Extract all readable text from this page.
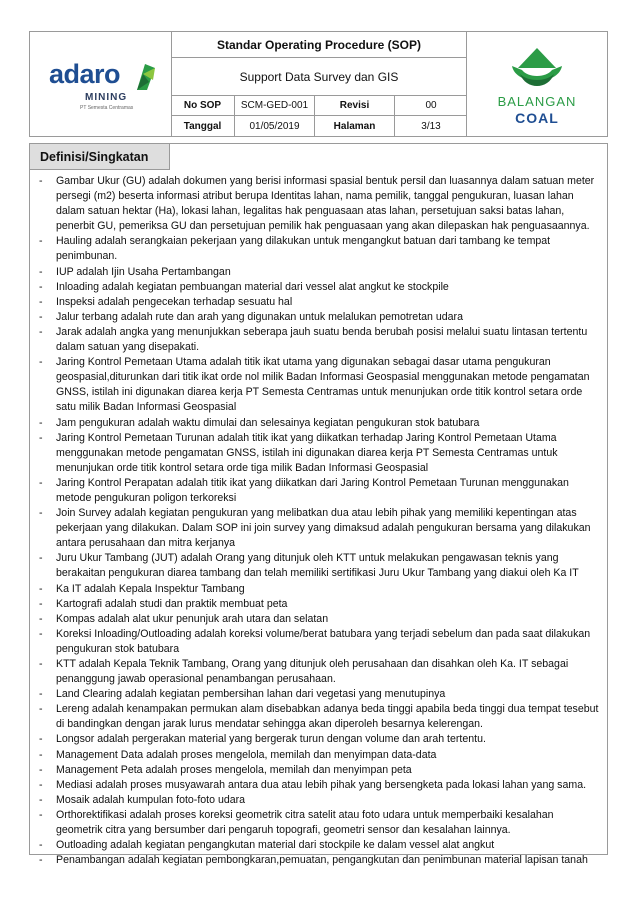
adaro
MINING
PT Semesta Centramas
Standar Operating Procedure (SOP)
Support Data Survey dan GIS
No SOP	SCM-GED-001	Revisi	00
Tanggal	01/05/2019	Halaman	3/13
BALANGAN
COAL
Definisi/Singkatan
- Gambar Ukur (GU) adalah dokumen yang berisi informasi spasial bentuk persil dan luasannya dalam satuan meter persegi (m2) beserta informasi atribut berupa Identitas lahan, nama pemilik, tanggal pengukuran, luasan lahan dalam satuan hektar (Ha), lokasi lahan, legalitas hak penguasaan atas lahan, persetujuan saksi batas lahan, penerbit GU, pemeriksa GU dan persetujuan pemilik hak penguasaan yang akan dilepaskan hak penguasaannya.
- Hauling adalah serangkaian pekerjaan yang dilakukan untuk mengangkut batuan dari tambang ke tempat penimbunan.
- IUP adalah Ijin Usaha Pertambangan
- Inloading adalah kegiatan pembuangan material dari vessel alat angkut ke stockpile
- Inspeksi adalah pengecekan terhadap sesuatu hal
- Jalur terbang adalah rute dan arah yang digunakan untuk melalukan pemotretan udara
- Jarak adalah angka yang menunjukkan seberapa jauh suatu benda berubah posisi melalui suatu lintasan tertentu dalam satuan yang disepakati.
- Jaring Kontrol Pemetaan Utama adalah titik ikat utama yang digunakan sebagai dasar utama pengukuran geospasial,diturunkan dari titik ikat orde nol milik Badan Informasi Geospasial menggunakan metode pengamatan GNSS, istilah ini digunakan diarea kerja PT Semesta Centramas untuk menunjukan orde titik kontrol setara orde satu milik Badan Informasi Geospasial
- Jam pengukuran adalah waktu dimulai dan selesainya kegiatan pengukuran stok batubara
- Jaring Kontrol Pemetaan Turunan adalah titik ikat yang diikatkan terhadap Jaring Kontrol Pemetaan Utama menggunakan metode pengamatan GNSS, istilah ini digunakan diarea kerja PT Semesta Centramas untuk menunjukan orde titik kontrol setara orde tiga milik Badan Informasi Geospasial
- Jaring Kontrol Perapatan adalah titik ikat yang diikatkan dari Jaring Kontrol Pemetaan Turunan menggunakan metode pengukuran poligon terkoreksi
- Join Survey adalah kegiatan pengukuran yang melibatkan dua atau lebih pihak yang memiliki kepentingan atas pekerjaan yang dilakukan. Dalam SOP ini join survey yang dimaksud adalah pengukuran bersama yang dilakukan antara perusahaan dan mitra kerjanya
- Juru Ukur Tambang (JUT) adalah Orang yang ditunjuk oleh KTT untuk melakukan pengawasan teknis yang berakaitan pengukuran diarea tambang dan telah memiliki sertifikasi Juru Ukur Tambang yang diakui oleh Ka IT
- Ka IT adalah Kepala Inspektur Tambang
- Kartografi adalah studi dan praktik membuat peta
- Kompas adalah alat ukur penunjuk arah utara dan selatan
- Koreksi Inloading/Outloading adalah koreksi volume/berat batubara yang terjadi sebelum dan pada saat dilakukan pengukuran stok batubara
- KTT adalah Kepala Teknik Tambang, Orang yang ditunjuk oleh perusahaan dan disahkan oleh Ka. IT sebagai penanggung jawab operasional penambangan perusahaan.
- Land Clearing adalah kegiatan pembersihan lahan dari vegetasi yang menutupinya
- Lereng adalah kenampakan permukan alam disebabkan adanya beda tinggi apabila beda tinggi dua tempat tesebut di bandingkan dengan jarak lurus mendatar sehingga akan diperoleh besarnya kelerengan.
- Longsor adalah pergerakan material yang bergerak turun dengan volume dan arah tertentu.
- Management Data adalah proses mengelola, memilah dan menyimpan data-data
- Management Peta adalah proses mengelola, memilah dan menyimpan peta
- Mediasi adalah proses musyawarah antara dua atau lebih pihak yang bersengketa pada lokasi lahan yang sama.
- Mosaik adalah kumpulan foto-foto udara
- Orthorektifikasi adalah proses koreksi geometrik citra satelit atau foto udara untuk memperbaiki kesalahan geometrik citra yang bersumber dari pengaruh topografi, geometri sensor dan kesalahan lainnya.
- Outloading adalah kegiatan pengangkutan material dari stockpile ke dalam vessel alat angkut
- Penambangan adalah kegiatan pembongkaran,pemuatan, pengangkutan dan penimbunan material lapisan tanah
